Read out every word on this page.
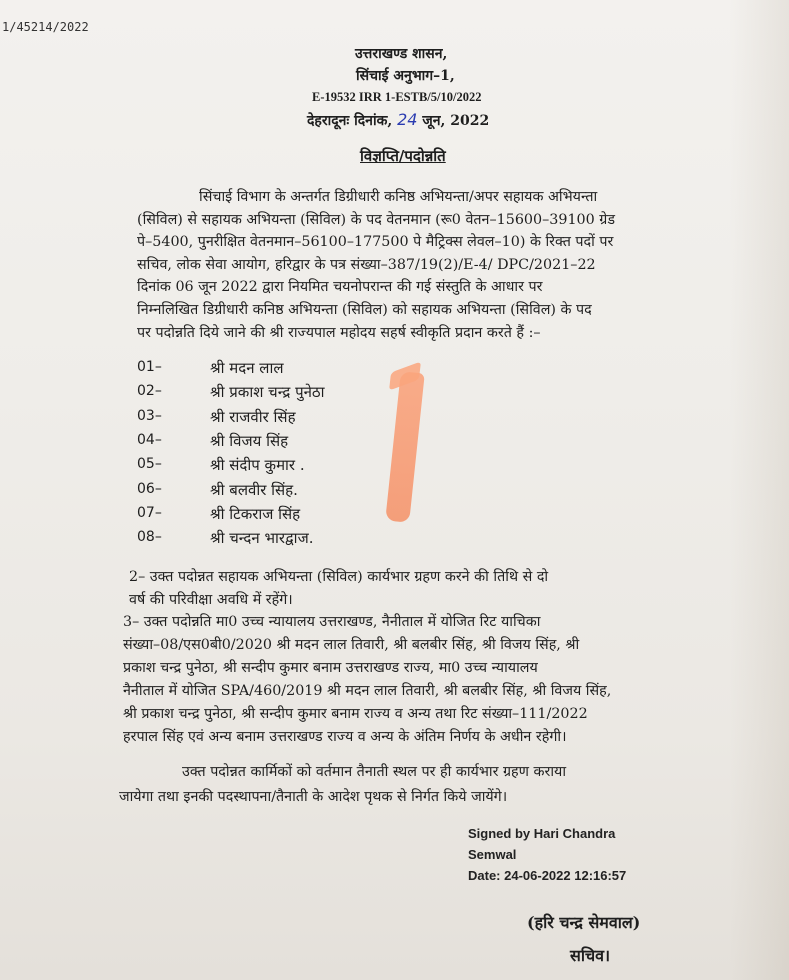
1/45214/2022
उत्तराखण्ड शासन,
सिंचाई अनुभाग–1,
E-19532 IRR 1-ESTB/5/10/2022
देहरादूनः दिनांक, 24 जून, 2022
विज्ञप्ति/पदोन्नति
सिंचाई विभाग के अन्तर्गत डिग्रीधारी कनिष्ठ अभियन्ता/अपर सहायक अभियन्ता
(सिविल) से सहायक अभियन्ता (सिविल) के पद वेतनमान (रू0 वेतन–15600–39100 ग्रेड
पे–5400, पुनरीक्षित वेतनमान–56100–177500 पे मैट्रिक्स लेवल–10) के रिक्त पदों पर
सचिव, लोक सेवा आयोग, हरिद्वार के पत्र संख्या–387/19(2)/E-4/ DPC/2021–22
दिनांक 06 जून 2022 द्वारा नियमित चयनोपरान्त की गई संस्तुति के आधार पर
निम्नलिखित डिग्रीधारी कनिष्ठ अभियन्ता (सिविल) को सहायक अभियन्ता (सिविल) के पद
पर पदोन्नति दिये जाने की श्री राज्यपाल महोदय सहर्ष स्वीकृति प्रदान करते हैं :–
01–	श्री मदन लाल
02–	श्री प्रकाश चन्द्र पुनेठा
03–	श्री राजवीर सिंह
04–	श्री विजय सिंह
05–	श्री संदीप कुमार .
06–	श्री बलवीर सिंह.
07–	श्री टिकराज सिंह
08–	श्री चन्दन भारद्वाज.
2– उक्त पदोन्नत सहायक अभियन्ता (सिविल) कार्यभार ग्रहण करने की तिथि से दो
वर्ष की परिवीक्षा अवधि में रहेंगे।
3– उक्त पदोन्नति मा0 उच्च न्यायालय उत्तराखण्ड, नैनीताल में योजित रिट याचिका
संख्या–08/एस0बी0/2020 श्री मदन लाल तिवारी, श्री बलबीर सिंह, श्री विजय सिंह, श्री
प्रकाश चन्द्र पुनेठा, श्री सन्दीप कुमार बनाम उत्तराखण्ड राज्य, मा0 उच्च न्यायालय
नैनीताल में योजित SPA/460/2019 श्री मदन लाल तिवारी, श्री बलबीर सिंह, श्री विजय सिंह,
श्री प्रकाश चन्द्र पुनेठा, श्री सन्दीप कुमार बनाम राज्य व अन्य तथा रिट संख्या–111/2022
हरपाल सिंह एवं अन्य बनाम उत्तराखण्ड राज्य व अन्य के अंतिम निर्णय के अधीन रहेगी।
उक्त पदोन्नत कार्मिकों को वर्तमान तैनाती स्थल पर ही कार्यभार ग्रहण कराया
जायेगा तथा इनकी पदस्थापना/तैनाती के आदेश पृथक से निर्गत किये जायेंगे।
Signed by Hari Chandra
Semwal
Date: 24-06-2022 12:16:57
(हरि चन्द्र सेमवाल)
सचिव।
